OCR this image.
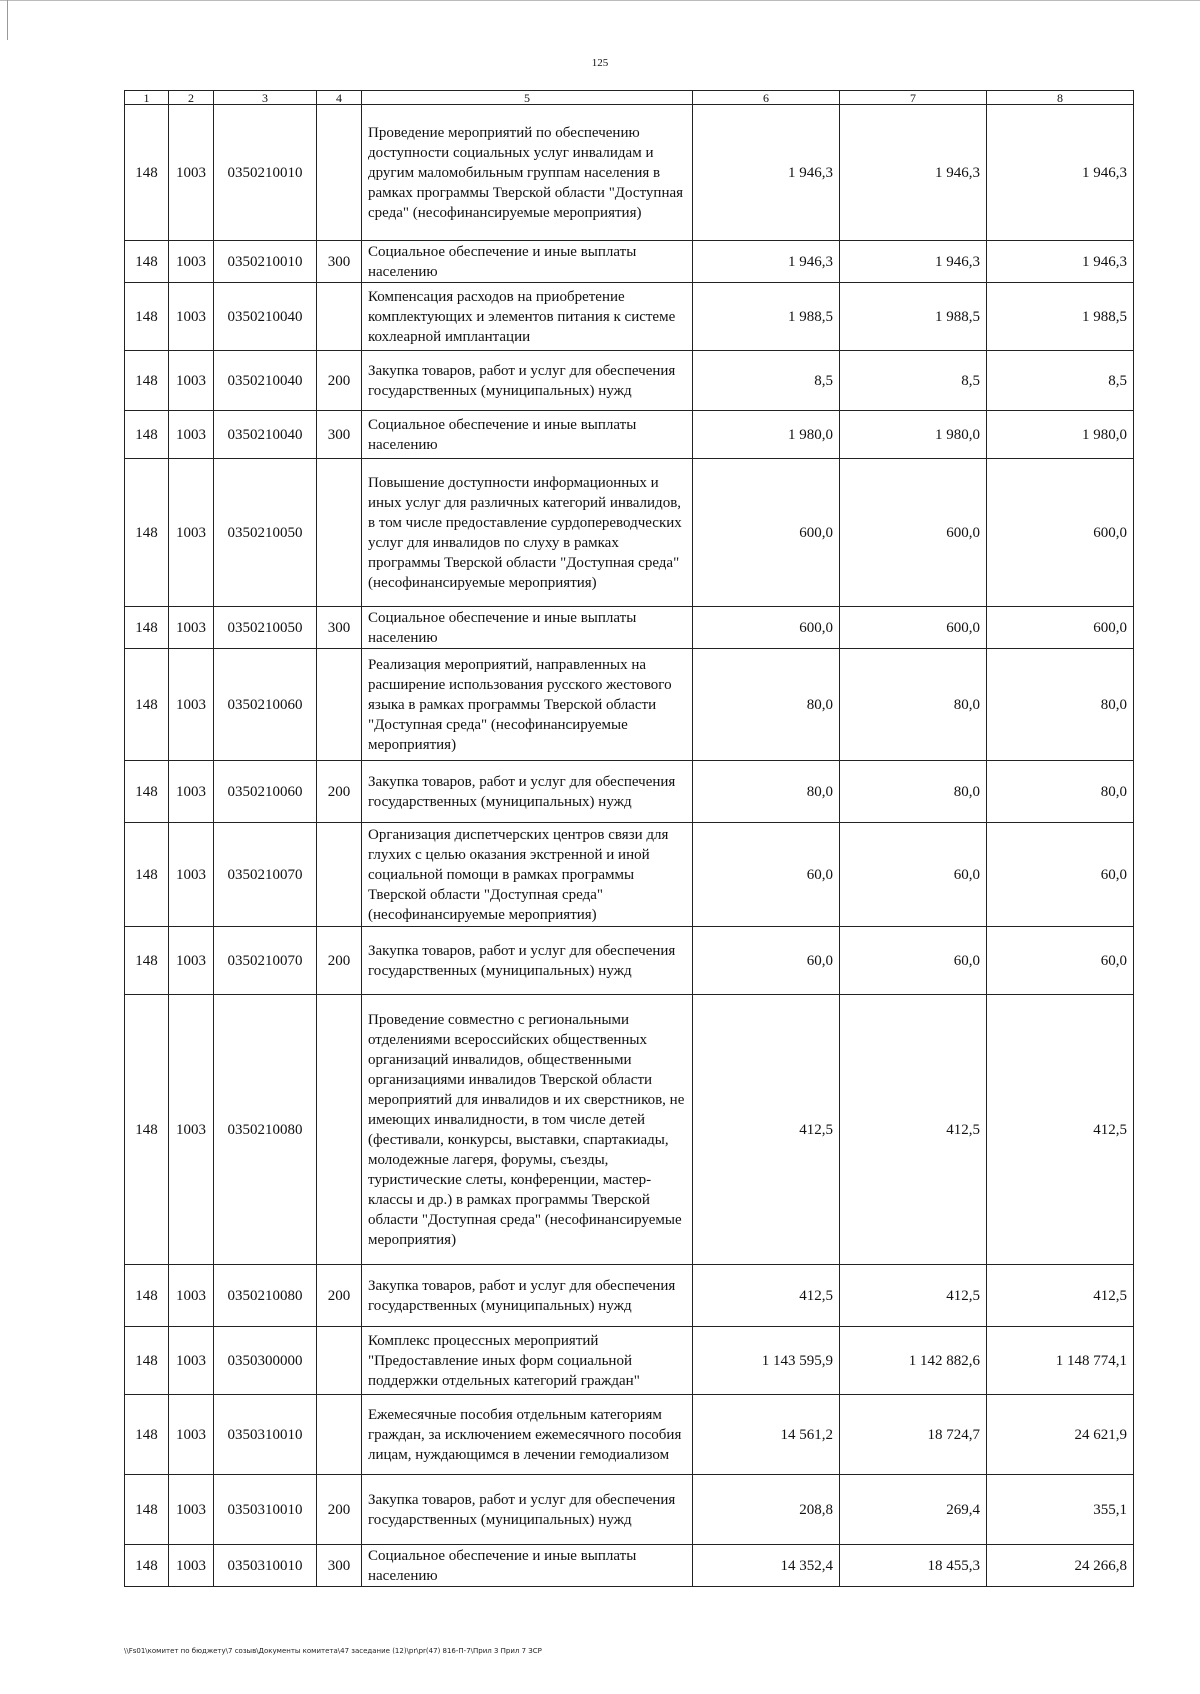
125
1	2	3	4	5	6	7	8
148	1003	0350210010		Проведение мероприятий по обеспечению доступности социальных услуг инвалидам и другим маломобильным группам населения в рамках программы Тверской области "Доступная среда" (несофинансируемые мероприятия)	1 946,3	1 946,3	1 946,3
148	1003	0350210010	300	Социальное обеспечение и иные выплаты населению	1 946,3	1 946,3	1 946,3
148	1003	0350210040		Компенсация расходов на приобретение комплектующих и элементов питания к системе кохлеарной имплантации	1 988,5	1 988,5	1 988,5
148	1003	0350210040	200	Закупка товаров, работ и услуг для обеспечения государственных (муниципальных) нужд	8,5	8,5	8,5
148	1003	0350210040	300	Социальное обеспечение и иные выплаты населению	1 980,0	1 980,0	1 980,0
148	1003	0350210050		Повышение доступности информационных и иных услуг для различных категорий инвалидов, в том числе предоставление сурдопереводческих услуг для инвалидов по слуху в рамках программы Тверской области "Доступная среда" (несофинансируемые мероприятия)	600,0	600,0	600,0
148	1003	0350210050	300	Социальное обеспечение и иные выплаты населению	600,0	600,0	600,0
148	1003	0350210060		Реализация мероприятий, направленных на расширение использования русского жестового языка в рамках программы Тверской области "Доступная среда" (несофинансируемые мероприятия)	80,0	80,0	80,0
148	1003	0350210060	200	Закупка товаров, работ и услуг для обеспечения государственных (муниципальных) нужд	80,0	80,0	80,0
148	1003	0350210070		Организация диспетчерских центров связи для глухих с целью оказания экстренной и иной социальной помощи в рамках программы Тверской области "Доступная среда" (несофинансируемые мероприятия)	60,0	60,0	60,0
148	1003	0350210070	200	Закупка товаров, работ и услуг для обеспечения государственных (муниципальных) нужд	60,0	60,0	60,0
148	1003	0350210080		Проведение совместно с региональными отделениями всероссийских общественных организаций инвалидов, общественными организациями инвалидов Тверской области мероприятий для инвалидов и их сверстников, не имеющих инвалидности, в том числе детей (фестивали, конкурсы, выставки, спартакиады, молодежные лагеря, форумы, съезды, туристические слеты, конференции, мастер-классы и др.) в рамках программы Тверской области "Доступная среда" (несофинансируемые мероприятия)	412,5	412,5	412,5
148	1003	0350210080	200	Закупка товаров, работ и услуг для обеспечения государственных (муниципальных) нужд	412,5	412,5	412,5
148	1003	0350300000		Комплекс процессных мероприятий "Предоставление иных форм социальной поддержки отдельных категорий граждан"	1 143 595,9	1 142 882,6	1 148 774,1
148	1003	0350310010		Ежемесячные пособия отдельным категориям граждан, за исключением ежемесячного пособия лицам, нуждающимся в лечении гемодиализом	14 561,2	18 724,7	24 621,9
148	1003	0350310010	200	Закупка товаров, работ и услуг для обеспечения государственных (муниципальных) нужд	208,8	269,4	355,1
148	1003	0350310010	300	Социальное обеспечение и иные выплаты населению	14 352,4	18 455,3	24 266,8
\\Fs01\комитет по бюджету\7 созыв\Документы комитета\47 заседание (12)\pr\pr(47) 816-П-7\Прил 3 Прил 7 ЗСР
